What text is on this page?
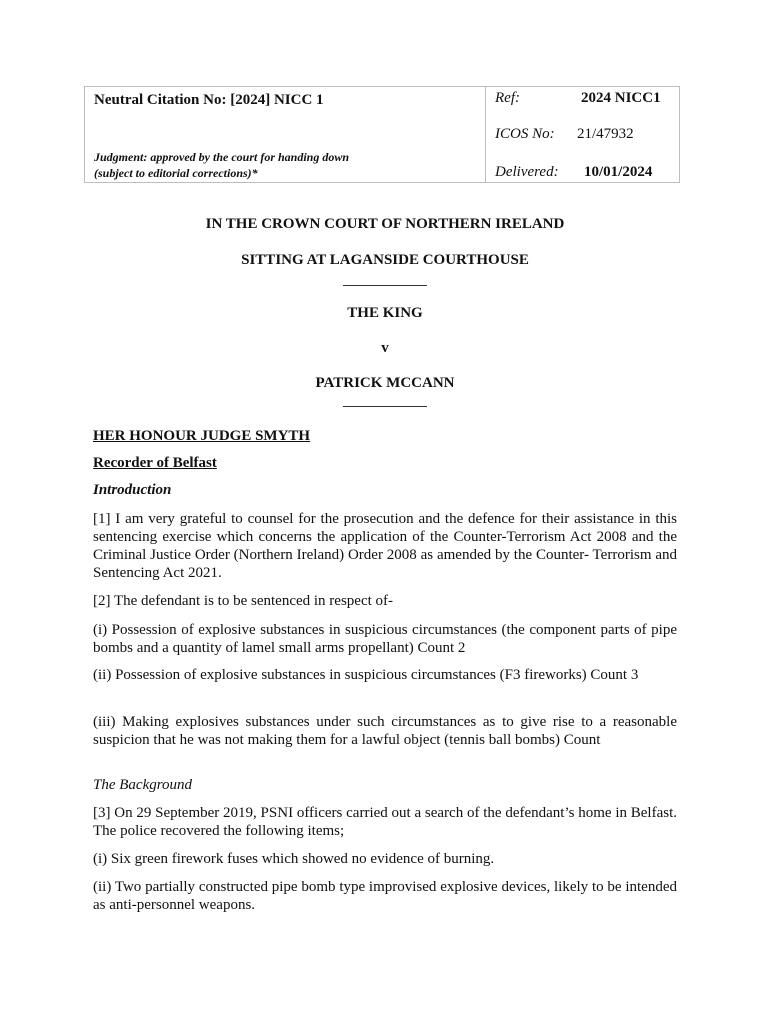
Neutral Citation No: [2024] NICC 1
Judgment: approved by the court for handing down
(subject to editorial corrections)*
Ref:	2024 NICC1
ICOS No: 21/47932
Delivered: 10/01/2024
IN THE CROWN COURT OF NORTHERN IRELAND
SITTING AT LAGANSIDE COURTHOUSE
THE KING
v
PATRICK MCCANN
HER HONOUR JUDGE SMYTH
Recorder of Belfast
Introduction
[1] I am very grateful to counsel for the prosecution and the defence for their assistance in this sentencing exercise which concerns the application of the Counter-Terrorism Act 2008 and the Criminal Justice Order (Northern Ireland) Order 2008 as amended by the Counter- Terrorism and Sentencing Act 2021.
[2] The defendant is to be sentenced in respect of-
(i) Possession of explosive substances in suspicious circumstances (the component parts of pipe bombs and a quantity of lamel small arms propellant) Count 2
(ii) Possession of explosive substances in suspicious circumstances (F3 fireworks) Count 3
(iii) Making explosives substances under such circumstances as to give rise to a reasonable suspicion that he was not making them for a lawful object (tennis ball bombs) Count
The Background
[3] On 29 September 2019, PSNI officers carried out a search of the defendant’s home in Belfast. The police recovered the following items;
(i) Six green firework fuses which showed no evidence of burning.
(ii) Two partially constructed pipe bomb type improvised explosive devices, likely to be intended as anti-personnel weapons.
